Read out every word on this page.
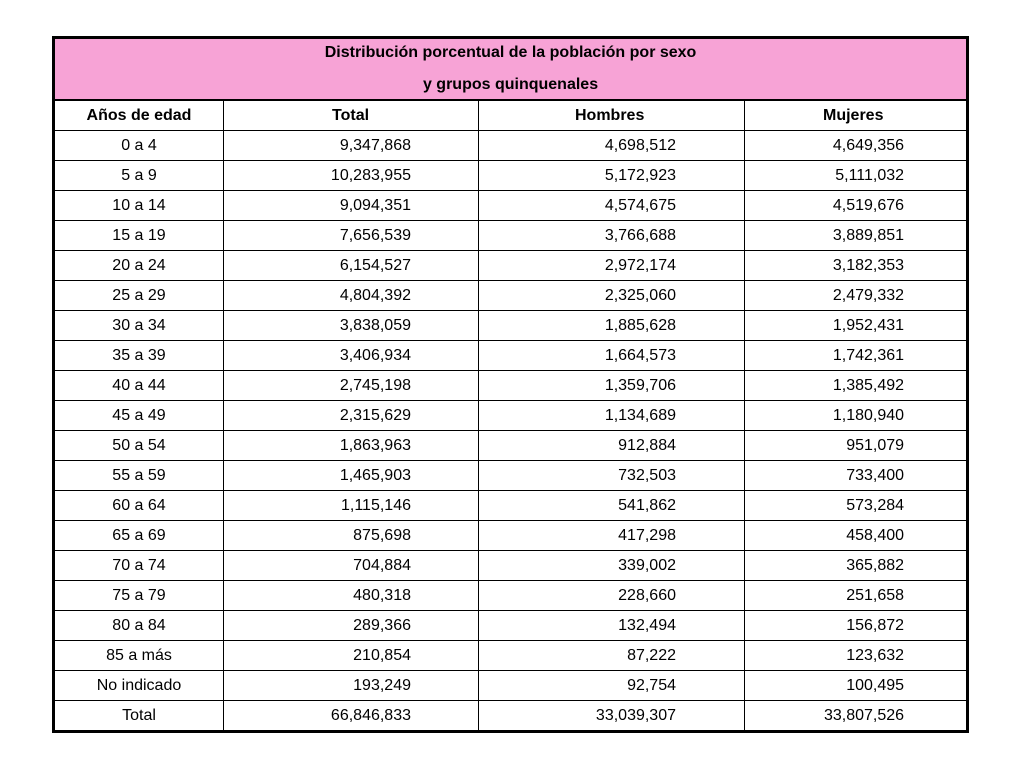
Distribución porcentual de la población por sexo
y grupos quinquenales			

Años de edad	Total	Hombres	Mujeres
0 a 4	9,347,868	4,698,512	4,649,356
5 a 9	10,283,955	5,172,923	5,111,032
10 a 14	9,094,351	4,574,675	4,519,676
15 a 19	7,656,539	3,766,688	3,889,851
20 a 24	6,154,527	2,972,174	3,182,353
25 a 29	4,804,392	2,325,060	2,479,332
30 a 34	3,838,059	1,885,628	1,952,431
35 a 39	3,406,934	1,664,573	1,742,361
40 a 44	2,745,198	1,359,706	1,385,492
45 a 49	2,315,629	1,134,689	1,180,940
50 a 54	1,863,963	912,884	951,079
55 a 59	1,465,903	732,503	733,400
60 a 64	1,115,146	541,862	573,284
65 a 69	875,698	417,298	458,400
70 a 74	704,884	339,002	365,882
75 a 79	480,318	228,660	251,658
80 a 84	289,366	132,494	156,872
85 a más	210,854	87,222	123,632
No indicado	193,249	92,754	100,495
Total	66,846,833	33,039,307	33,807,526
